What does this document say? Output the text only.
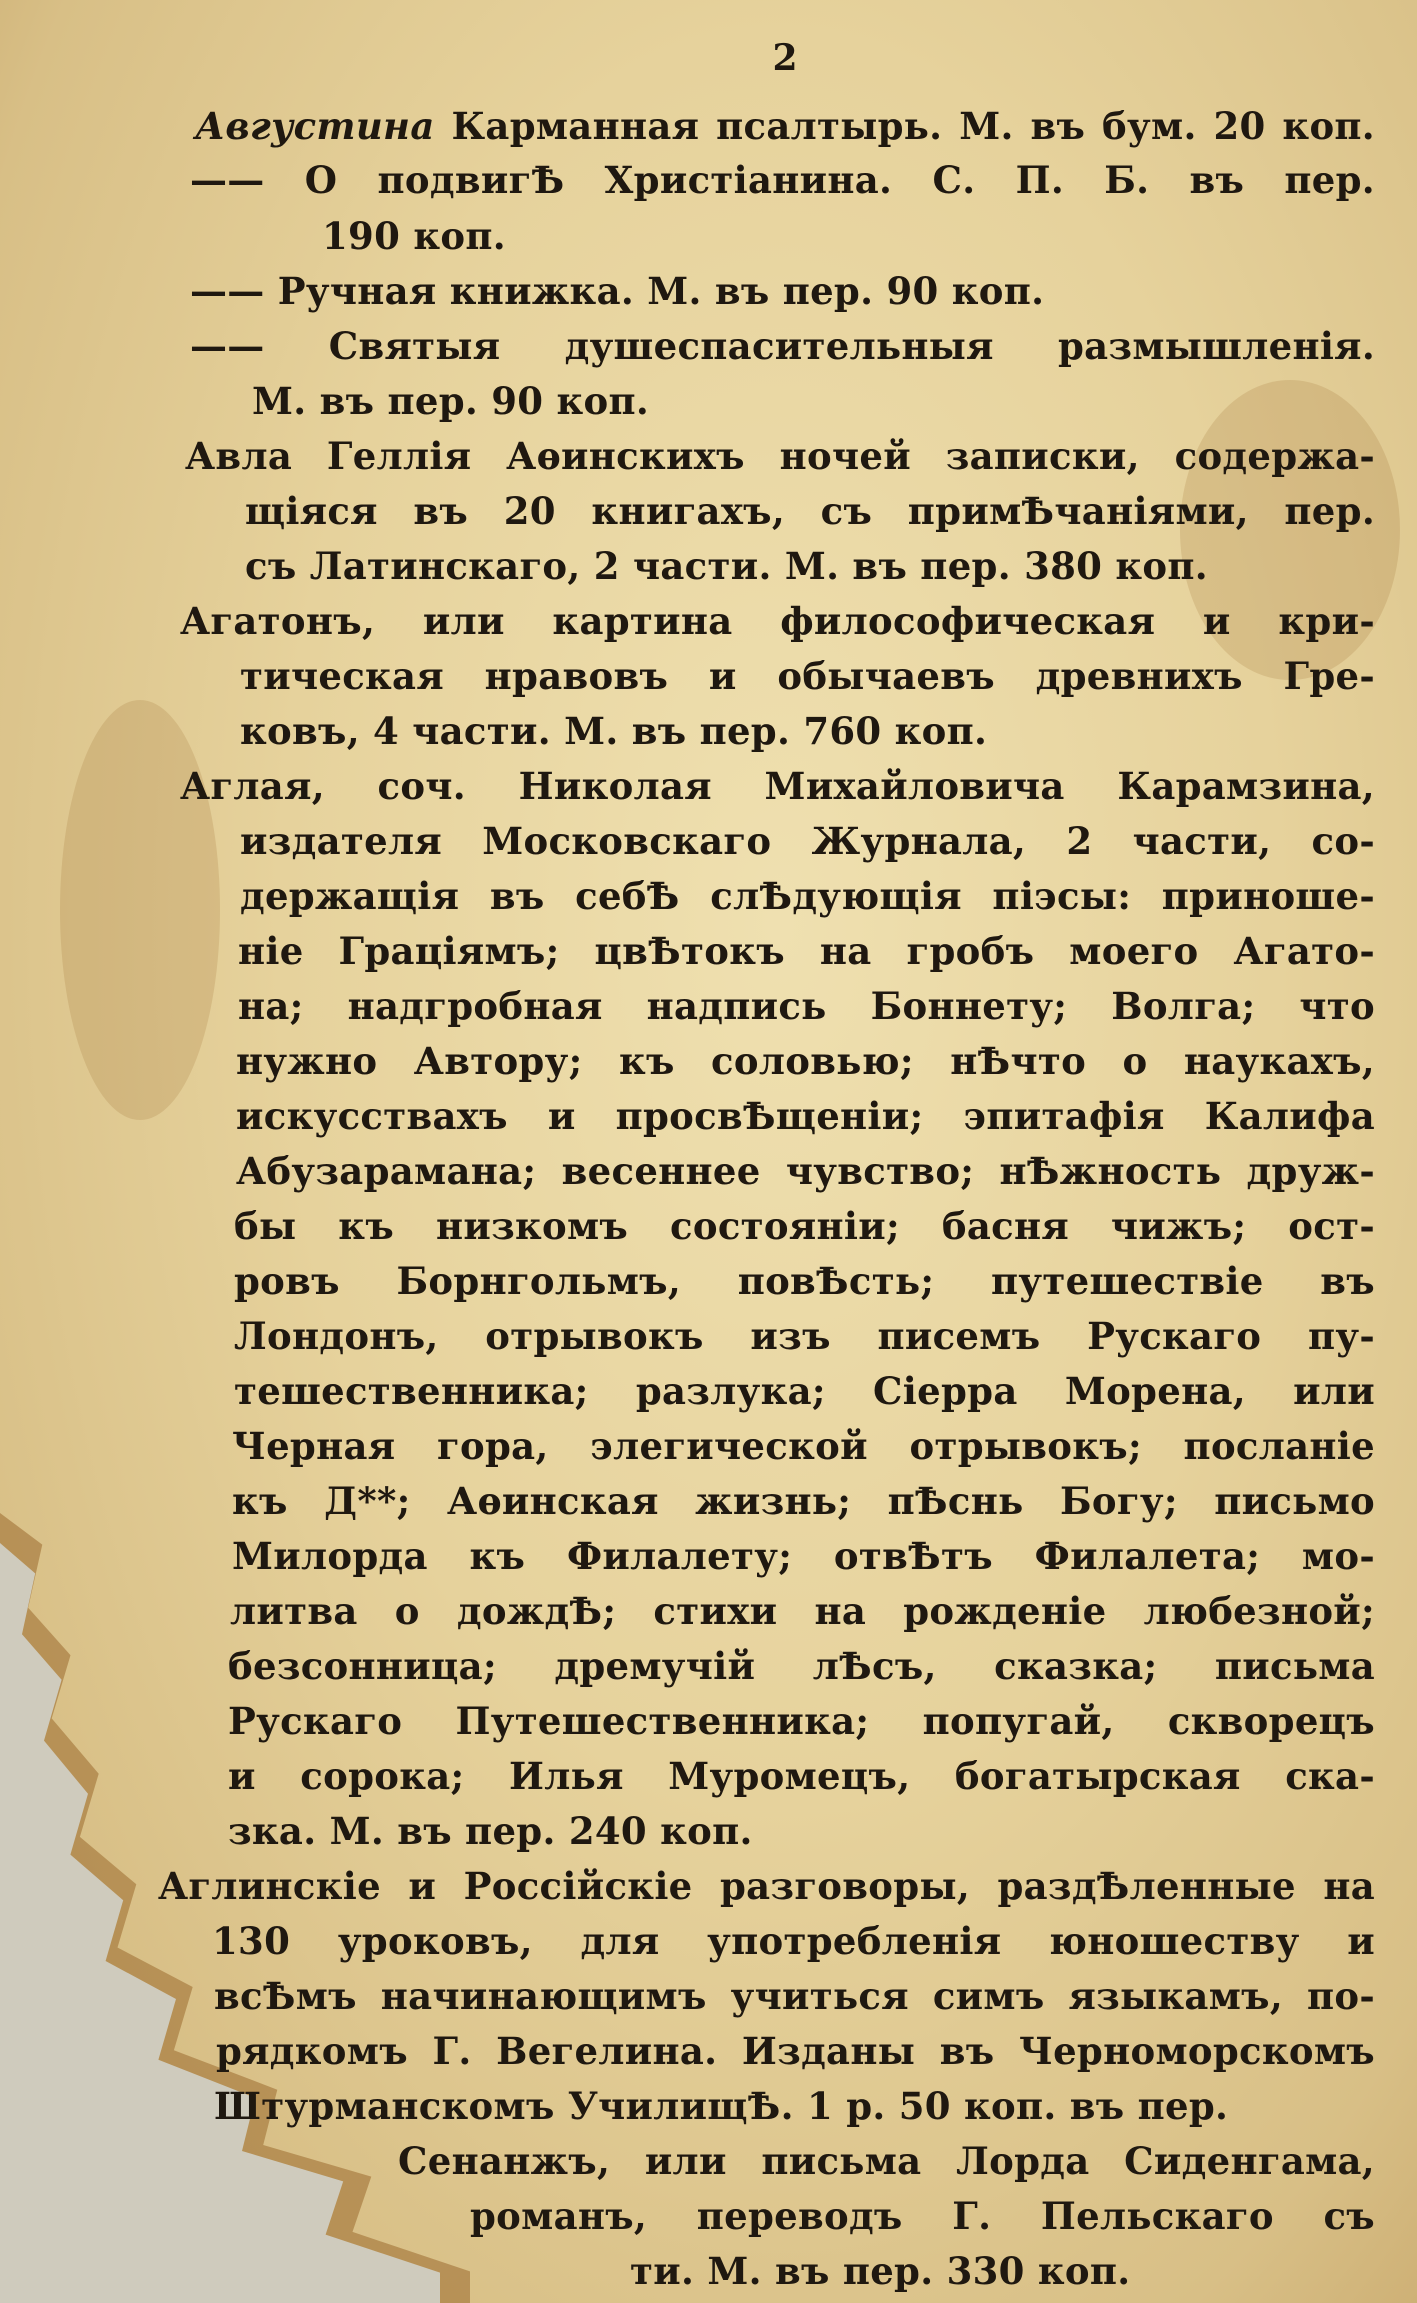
2
Августина Карманная псалтырь. М. въ бум. 20 коп.
—— О подвигѢ Христіанина. С. П. Б. въ пер.
190 коп.
—— Ручная книжка. М. въ пер. 90 коп.
—— Святыя душеспасительныя размышленія.
М. въ пер. 90 коп.
Авла Геллія Аѳинскихъ ночей записки, содержа-
щіяся въ 20 книгахъ, съ примѢчаніями, пер.
съ Латинскаго, 2 части. М. въ пер. 380 коп.
Агатонъ, или картина философическая и кри-
тическая нравовъ и обычаевъ древнихъ Гре-
ковъ, 4 части. М. въ пер. 760 коп.
Аглая, соч. Николая Михайловича Карамзина,
издателя Московскаго Журнала, 2 части, со-
держащія въ себѢ слѢдующія піэсы: приноше-
ніе Граціямъ; цвѢтокъ на гробъ моего Агато-
на; надгробная надпись Боннету; Волга; что
нужно Автору; къ соловью; нѢчто о наукахъ,
искусствахъ и просвѢщеніи; эпитафія Калифа
Абузарамана; весеннее чувство; нѢжность друж-
бы къ низкомъ состояніи; басня чижъ; ост-
ровъ Борнгольмъ, повѢсть; путешествіе въ
Лондонъ, отрывокъ изъ писемъ Рускаго пу-
тешественника; разлука; Сіерра Морена, или
Черная гора, элегической отрывокъ; посланіе
къ Д**; Аѳинская жизнь; пѢснь Богу; письмо
Милорда къ Филалету; отвѢтъ Филалета; мо-
литва о дождѢ; стихи на рожденіе любезной;
безсонница; дремучій лѢсъ, сказка; письма
Рускаго Путешественника; попугай, скворецъ
и сорока; Илья Муромецъ, богатырская ска-
зка. М. въ пер. 240 коп.
Аглинскіе и Россійскіе разговоры, раздѢленные на
130 уроковъ, для употребленія юношеству и
всѢмъ начинающимъ учиться симъ языкамъ, по-
рядкомъ Г. Вегелина. Изданы въ Черноморскомъ
Штурманскомъ УчилищѢ. 1 р. 50 коп. въ пер.
Сенанжъ, или письма Лорда Сиденгама,
романъ, переводъ Г. Пельскаго съ
ти. М. въ пер. 330 коп.
